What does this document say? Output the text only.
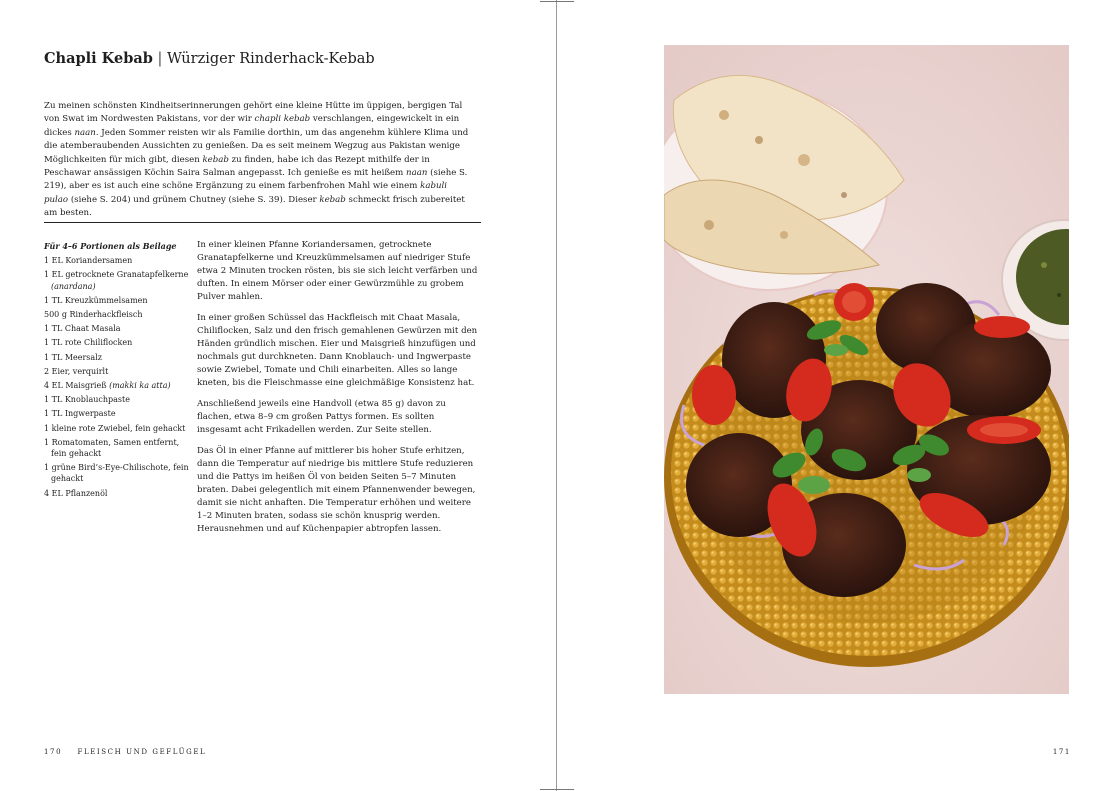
Chapli Kebab | Würziger Rinderhack-Kebab
Zu meinen schönsten Kindheitserinnerungen gehört eine kleine Hütte im üppigen, bergigen Tal von Swat im Nordwesten Pakistans, vor der wir chapli kebab verschlangen, eingewickelt in ein dickes naan. Jeden Sommer reisten wir als Familie dorthin, um das angenehm kühlere Klima und die atemberaubenden Aussichten zu genießen. Da es seit meinem Wegzug aus Pakistan wenige Möglichkeiten für mich gibt, diesen kebab zu finden, habe ich das Rezept mithilfe der in Peschawar ansässigen Köchin Saira Salman angepasst. Ich genieße es mit heißem naan (siehe S. 219), aber es ist auch eine schöne Ergänzung zu einem farbenfrohen Mahl wie einem kabuli pulao (siehe S. 204) und grünem Chutney (siehe S. 39). Dieser kebab schmeckt frisch zubereitet am besten.
Für 4–6 Portionen als Beilage
1 EL Koriandersamen
1 EL getrocknete Granatapfelkerne
(anardana)
1 TL Kreuzkümmelsamen
500 g Rinderhackfleisch
1 TL Chaat Masala
1 TL rote Chiliflocken
1 TL Meersalz
2 Eier, verquirlt
4 EL Maisgrieß (makki ka atta)
1 TL Knoblauchpaste
1 TL Ingwerpaste
1 kleine rote Zwiebel, fein gehackt
1 Romatomaten, Samen entfernt, fein gehackt
1 grüne Bird’s-Eye-Chilischote, fein gehackt
4 EL Pflanzenöl

In einer kleinen Pfanne Koriandersamen, getrocknete Granatapfelkerne und Kreuzkümmelsamen auf niedriger Stufe etwa 2 Minuten trocken rösten, bis sie sich leicht verfärben und duften. In einem Mörser oder einer Gewürzmühle zu grobem Pulver mahlen.

In einer großen Schüssel das Hackfleisch mit Chaat Masala, Chiliflocken, Salz und den frisch gemahlenen Gewürzen mit den Händen gründlich mischen. Eier und Maisgrieß hinzufügen und nochmals gut durchkneten. Dann Knoblauch- und Ingwerpaste sowie Zwiebel, Tomate und Chili einarbeiten. Alles so lange kneten, bis die Fleischmasse eine gleichmäßige Konsistenz hat.

Anschließend jeweils eine Handvoll (etwa 85 g) davon zu flachen, etwa 8–9 cm großen Pattys formen. Es sollten insgesamt acht Frikadellen werden. Zur Seite stellen.

Das Öl in einer Pfanne auf mittlerer bis hoher Stufe erhitzen, dann die Temperatur auf niedrige bis mittlere Stufe reduzieren und die Pattys im heißen Öl von beiden Seiten 5–7 Minuten braten. Dabei gelegentlich mit einem Pfannenwender bewegen, damit sie nicht anhaften. Die Temperatur erhöhen und weitere 1–2 Minuten braten, sodass sie schön knusprig werden. Herausnehmen und auf Küchenpapier abtropfen lassen.

170 FLEISCH UND GEFLÜGEL	171
